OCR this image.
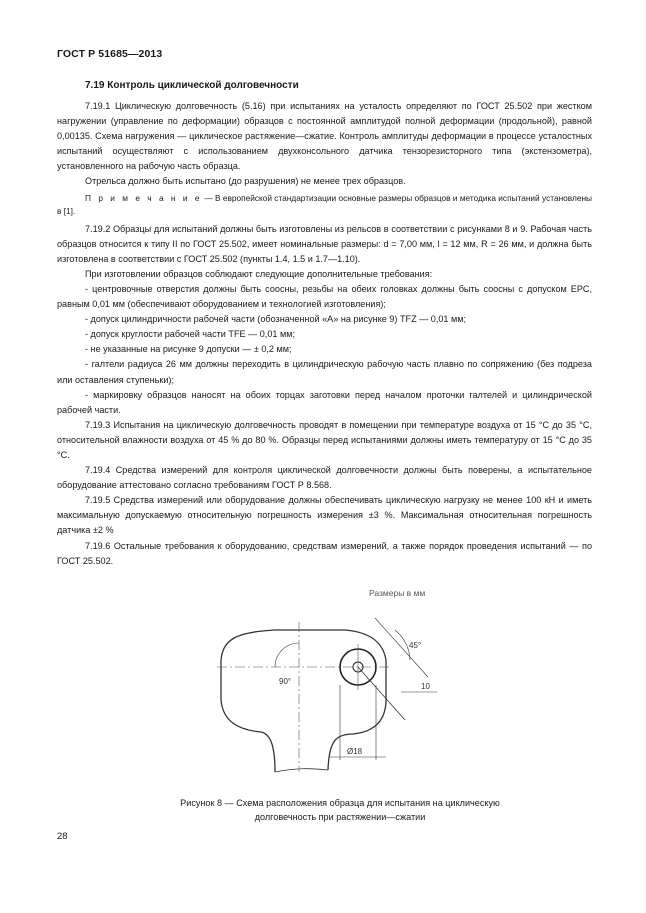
ГОСТ Р 51685—2013
7.19 Контроль циклической долговечности

7.19.1 Циклическую долговечность (5.16) при испытаниях на усталость определяют по ГОСТ 25.502 при жестком нагружении (управление по деформации) образцов с постоянной амплитудой полной деформации (продольной), равной 0,00135. Схема нагружения — циклическое растяжение—сжатие. Контроль амплитуды деформации в процессе усталостных испытаний осуществляют с использованием двухконсольного датчика тензорезисторного типа (экстензометра), установленного на рабочую часть образца.

Отрельса должно быть испытано (до разрушения) не менее трех образцов.

П р и м е ч а н и е — В европейской стандартизации основные размеры образцов и методика испытаний установлены в [1].

7.19.2 Образцы для испытаний должны быть изготовлены из рельсов в соответствии с рисунками 8 и 9. Рабочая часть образцов относится к типу II по ГОСТ 25.502, имеет номинальные размеры: d = 7,00 мм, l = 12 мм, R = 26 мм, и должна быть изготовлена в соответствии с ГОСТ 25.502 (пункты 1.4, 1.5 и 1.7—1.10).

При изготовлении образцов соблюдают следующие дополнительные требования:

- центровочные отверстия должны быть соосны, резьбы на обеих головках должны быть соосны с допуском EPC, равным 0,01 мм (обеспечивают оборудованием и технологией изготовления);

- допуск цилиндричности рабочей части (обозначенной «А» на рисунке 9) TFZ — 0,01 мм;

- допуск круглости рабочей части TFE — 0,01 мм;

- не указанные на рисунке 9 допуски — ± 0,2 мм;

- галтели радиуса 26 мм должны переходить в цилиндрическую рабочую часть плавно по сопряжению (без подреза или оставления ступеньки);

- маркировку образцов наносят на обоих торцах заготовки перед началом проточки галтелей и цилиндрической рабочей части.

7.19.3 Испытания на циклическую долговечность проводят в помещении при температуре воздуха от 15 °С до 35 °С, относительной влажности воздуха от 45 % до 80 %. Образцы перед испытаниями должны иметь температуру от 15 °С до 35 °С.

7.19.4 Средства измерений для контроля циклической долговечности должны быть поверены, а испытательное оборудование аттестовано согласно требованиям ГОСТ Р 8.568.

7.19.5 Средства измерений или оборудование должны обеспечивать циклическую нагрузку не менее 100 кН и иметь максимальную допускаемую относительную погрешность измерения ±3 %. Максимальная относительная погрешность датчика ±2 %

7.19.6 Остальные требования к оборудованию, средствам измерений, а также порядок проведения испытаний — по ГОСТ 25.502.

Размеры в мм
45°
90°
10
Ø18
Рисунок 8 — Схема расположения образца для испытания на циклическую
долговечность при растяжении—сжатии
28
